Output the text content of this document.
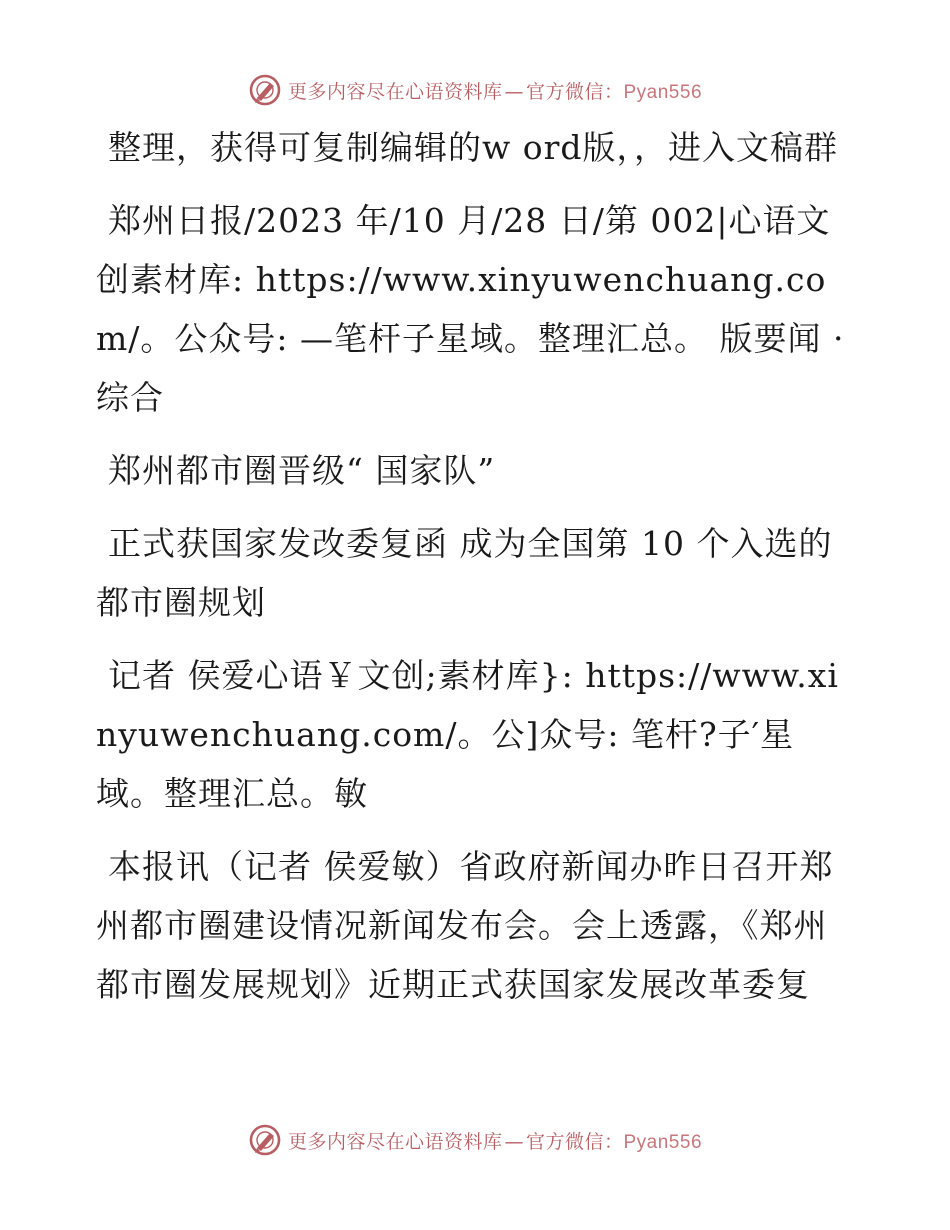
更多内容尽在心语资料库 — 官方微信：Pyan556

整理，获得可复制编辑的w ord版，，进入文稿群

郑州日报/2023 年/10 月/28 日/第 002|心语文创素材库: https://www.xinyuwenchuang.com/。公众号: —笔杆子星域。整理汇总。 版要闻 · 综合

郑州都市圈晋级“ 国家队”

正式获国家发改委复函 成为全国第 10 个入选的都市圈规划

记者 侯爱心语￥文创;素材库}: https://www.xinyuwenchuang.com/。公]众号: 笔杆?子′星域。整理汇总。敏

本报讯（记者 侯爱敏）省政府新闻办昨日召开郑州都市圈建设情况新闻发布会。会上透露，《郑州都市圈发展规划》近期正式获国家发展改革委复

更多内容尽在心语资料库 — 官方微信：Pyan556
